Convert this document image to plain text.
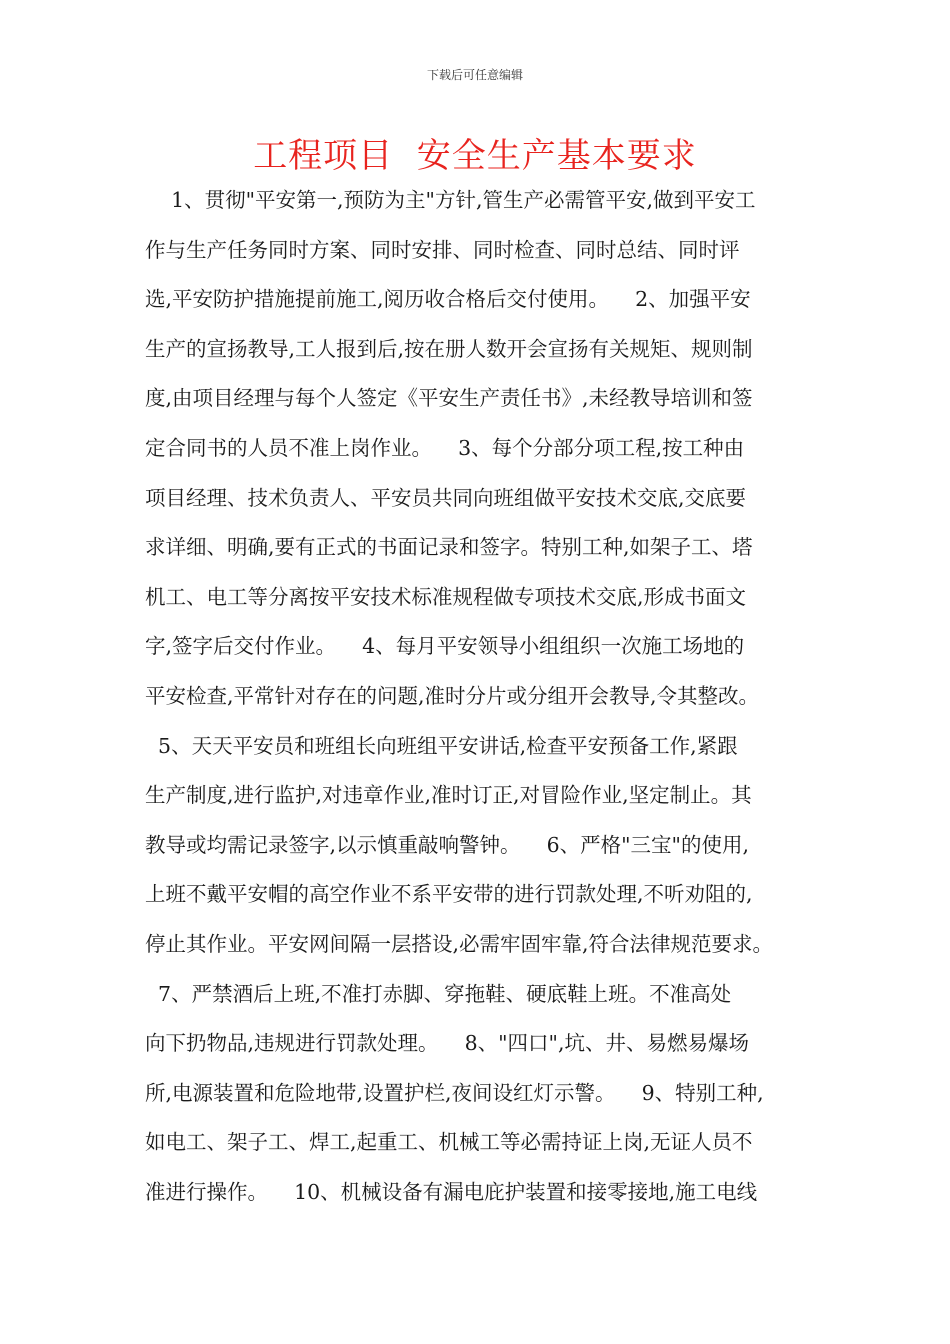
下载后可任意编辑
工程项目  安全生产基本要求
1、贯彻"平安第一,预防为主"方针,管生产必需管平安,做到平安工
作与生产任务同时方案、同时安排、同时检查、同时总结、同时评
选,平安防护措施提前施工,阅历收合格后交付使用。    2、加强平安
生产的宣扬教导,工人报到后,按在册人数开会宣扬有关规矩、规则制
度,由项目经理与每个人签定《平安生产责任书》,未经教导培训和签
定合同书的人员不准上岗作业。    3、每个分部分项工程,按工种由
项目经理、技术负责人、平安员共同向班组做平安技术交底,交底要
求详细、明确,要有正式的书面记录和签字。特别工种,如架子工、塔
机工、电工等分离按平安技术标准规程做专项技术交底,形成书面文
字,签字后交付作业。    4、每月平安领导小组组织一次施工场地的
平安检查,平常针对存在的问题,准时分片或分组开会教导,令其整改。
5、天天平安员和班组长向班组平安讲话,检查平安预备工作,紧跟
生产制度,进行监护,对违章作业,准时订正,对冒险作业,坚定制止。其
教导或均需记录签字,以示慎重敲响警钟。    6、严格"三宝"的使用,
上班不戴平安帽的高空作业不系平安带的进行罚款处理,不听劝阻的,
停止其作业。平安网间隔一层搭设,必需牢固牢靠,符合法律规范要求。
7、严禁酒后上班,不准打赤脚、穿拖鞋、硬底鞋上班。不准高处
向下扔物品,违规进行罚款处理。    8、"四口",坑、井、易燃易爆场
所,电源装置和危险地带,设置护栏,夜间设红灯示警。    9、特别工种,
如电工、架子工、焊工,起重工、机械工等必需持证上岗,无证人员不
准进行操作。    10、机械设备有漏电庇护装置和接零接地,施工电线
